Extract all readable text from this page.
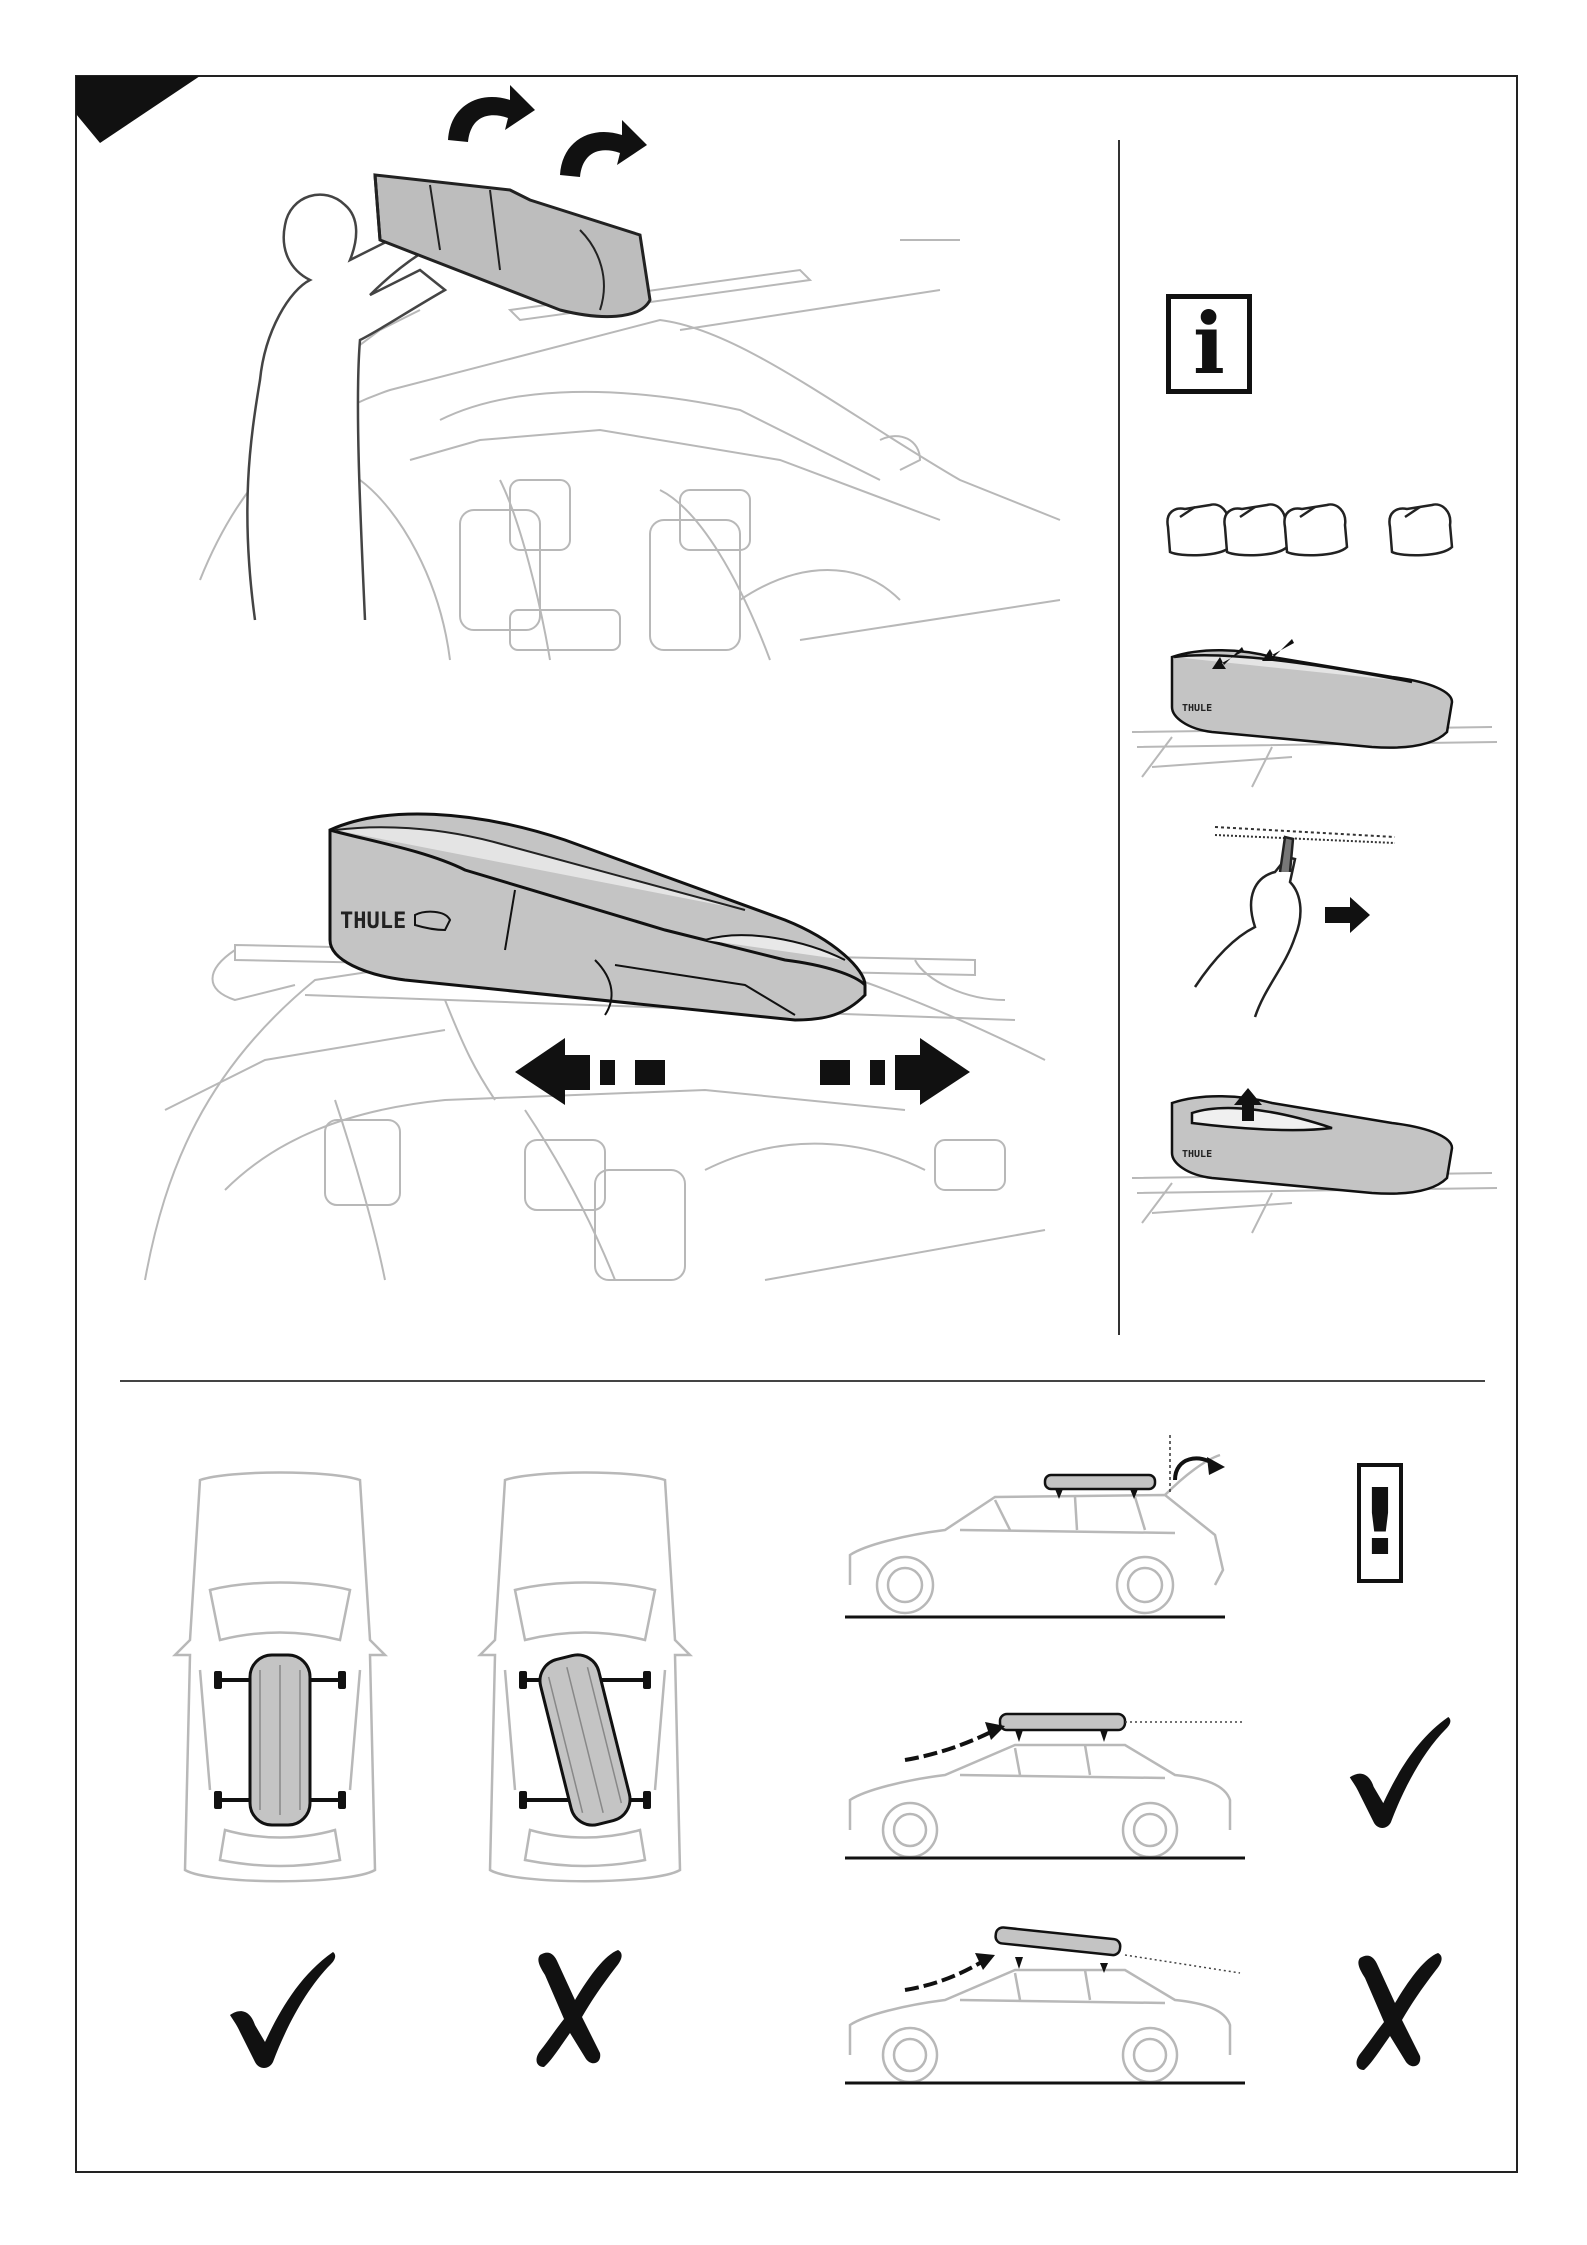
THULE
i
THULE
THULE
!
